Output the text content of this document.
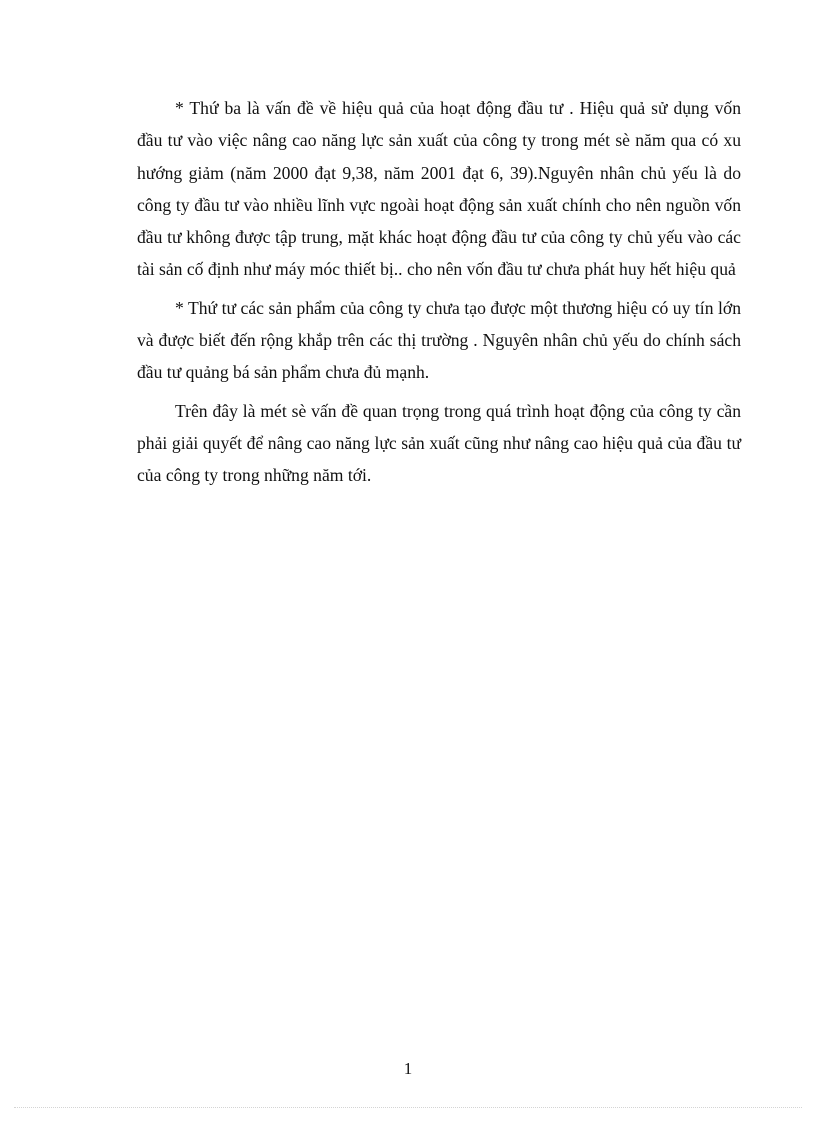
* Thứ ba là vấn đề về hiệu quả của hoạt động đầu tư . Hiệu quả sử dụng vốn đầu tư vào việc nâng cao năng lực sản xuất của công ty trong mét sè năm qua có xu hướng giảm (năm 2000 đạt 9,38, năm 2001 đạt 6, 39).Nguyên nhân chủ yếu là do công ty đầu tư vào nhiều lĩnh vực ngoài hoạt động sản xuất chính cho nên nguồn vốn đầu tư không được tập trung, mặt khác hoạt động đầu tư của công ty chủ yếu vào các tài sản cố định như máy móc thiết bị.. cho nên vốn đầu tư chưa phát huy hết hiệu quả

* Thứ tư các sản phẩm của công ty chưa tạo được một thương hiệu có uy tín lớn và được biết đến rộng khắp trên các thị trường . Nguyên nhân chủ yếu do chính sách đầu tư quảng bá sản phẩm chưa đủ mạnh.

Trên đây là mét sè vấn đề quan trọng trong quá trình hoạt động của công ty cần phải giải quyết để nâng cao năng lực sản xuất cũng như nâng cao hiệu quả của đầu tư của công ty trong những năm tới.

1
